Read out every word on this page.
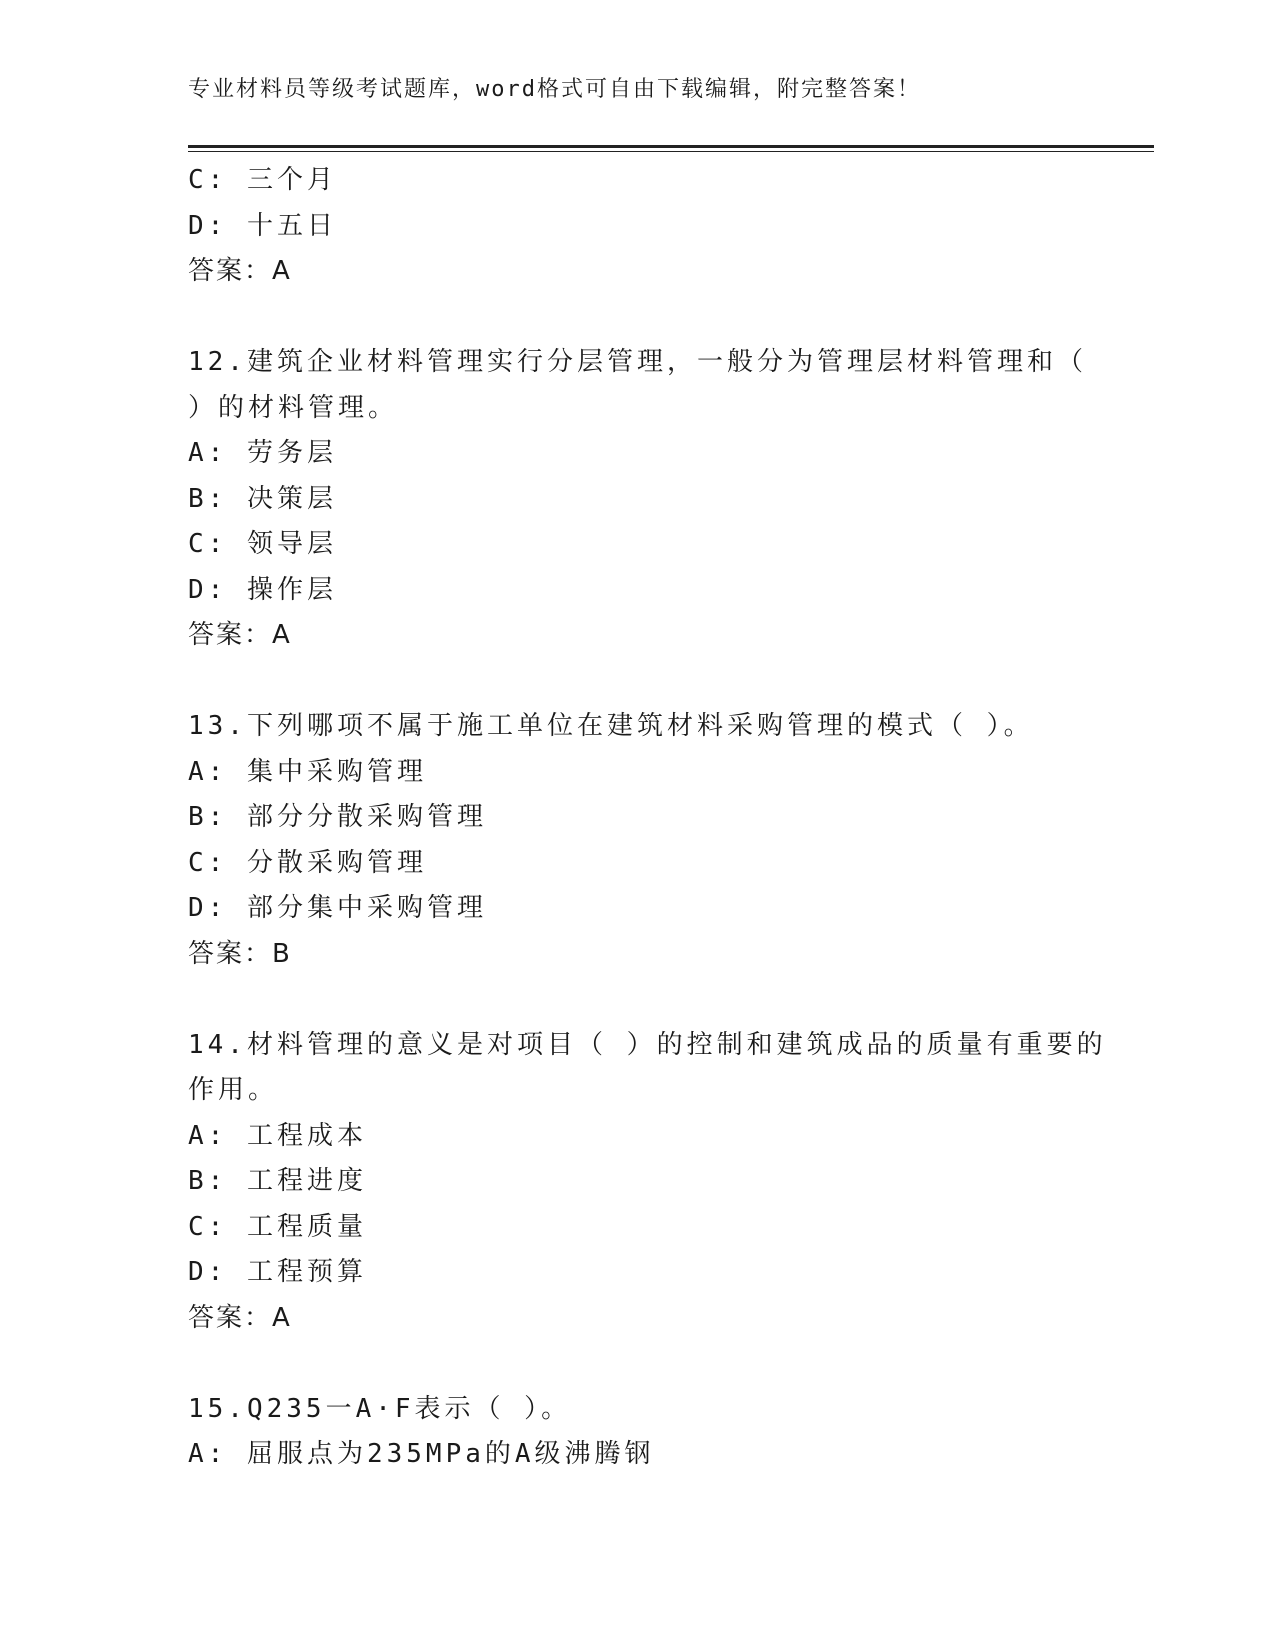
专业材料员等级考试题库，word格式可自由下载编辑，附完整答案！
C: 三个月
D: 十五日
答案：A
12.建筑企业材料管理实行分层管理，一般分为管理层材料管理和（
）的材料管理。
A: 劳务层
B: 决策层
C: 领导层
D: 操作层
答案：A
13.下列哪项不属于施工单位在建筑材料采购管理的模式（ ）。
A: 集中采购管理
B: 部分分散采购管理
C: 分散采购管理
D: 部分集中采购管理
答案：B
14.材料管理的意义是对项目（ ）的控制和建筑成品的质量有重要的
作用。
A: 工程成本
B: 工程进度
C: 工程质量
D: 工程预算
答案：A
15.Q235一A·F表示（ ）。
A: 屈服点为235MPa的A级沸腾钢
